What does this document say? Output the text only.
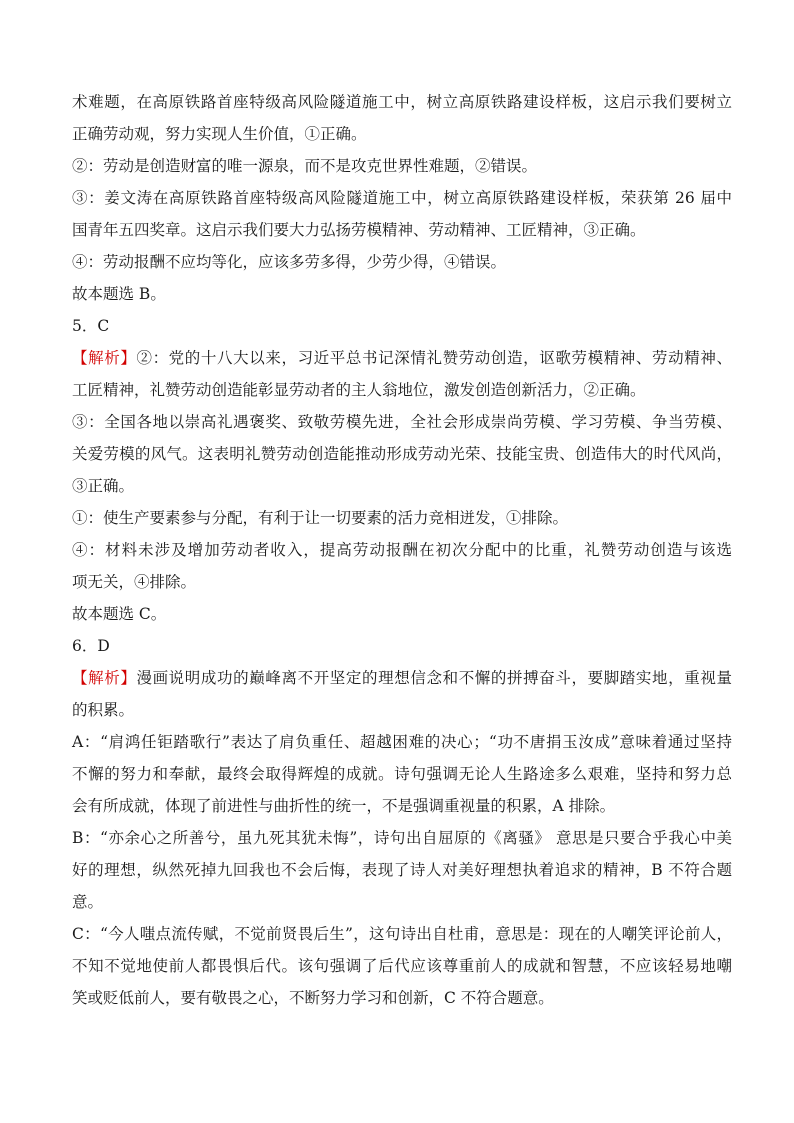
术难题，在高原铁路首座特级高风险隧道施工中，树立高原铁路建设样板，这启示我们要树立
正确劳动观，努力实现人生价值，①正确。
②：劳动是创造财富的唯一源泉，而不是攻克世界性难题，②错误。
③：姜文涛在高原铁路首座特级高风险隧道施工中，树立高原铁路建设样板，荣获第 26 届中
国青年五四奖章。这启示我们要大力弘扬劳模精神、劳动精神、工匠精神，③正确。
④：劳动报酬不应均等化，应该多劳多得，少劳少得，④错误。
故本题选 B。
5．C
【解析】②：党的十八大以来，习近平总书记深情礼赞劳动创造，讴歌劳模精神、劳动精神、
工匠精神，礼赞劳动创造能彰显劳动者的主人翁地位，激发创造创新活力，②正确。
③：全国各地以崇高礼遇褒奖、致敬劳模先进，全社会形成崇尚劳模、学习劳模、争当劳模、
关爱劳模的风气。这表明礼赞劳动创造能推动形成劳动光荣、技能宝贵、创造伟大的时代风尚，
③正确。
①：使生产要素参与分配，有利于让一切要素的活力竞相迸发，①排除。
④：材料未涉及增加劳动者收入，提高劳动报酬在初次分配中的比重，礼赞劳动创造与该选
项无关，④排除。
故本题选 C。
6．D
【解析】漫画说明成功的巅峰离不开坚定的理想信念和不懈的拼搏奋斗，要脚踏实地，重视量
的积累。
A：“肩鸿任钜踏歌行”表达了肩负重任、超越困难的决心；“功不唐捐玉汝成”意味着通过坚持
不懈的努力和奉献，最终会取得辉煌的成就。诗句强调无论人生路途多么艰难，坚持和努力总
会有所成就，体现了前进性与曲折性的统一，不是强调重视量的积累，A 排除。
B：“亦余心之所善兮，虽九死其犹未悔”，诗句出自屈原的《离骚》 意思是只要合乎我心中美
好的理想，纵然死掉九回我也不会后悔，表现了诗人对美好理想执着追求的精神，B 不符合题
意。
C：“今人嗤点流传赋，不觉前贤畏后生”，这句诗出自杜甫，意思是：现在的人嘲笑评论前人，
不知不觉地使前人都畏惧后代。该句强调了后代应该尊重前人的成就和智慧，不应该轻易地嘲
笑或贬低前人，要有敬畏之心，不断努力学习和创新，C 不符合题意。
